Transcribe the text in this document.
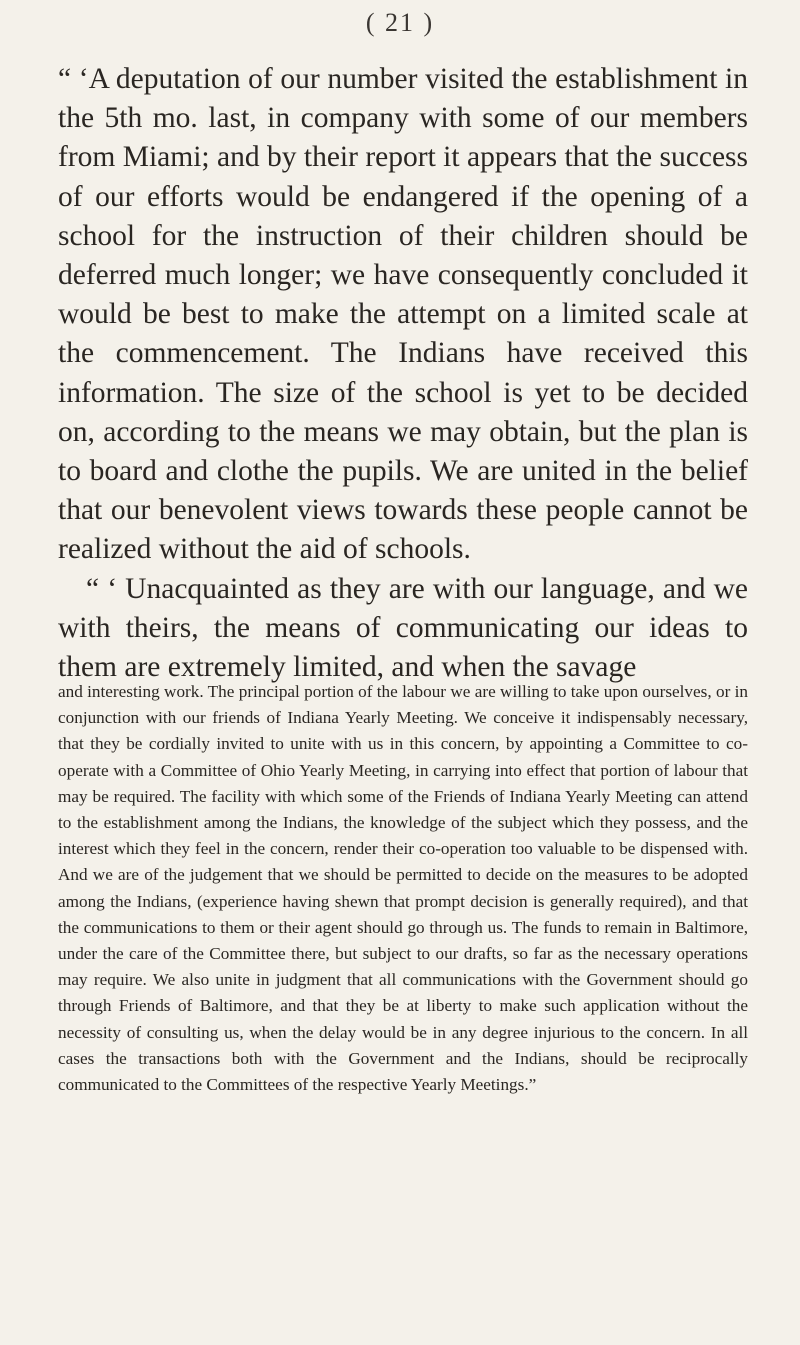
( 21 )

“ ‘A deputation of our number visited the establishment in the 5th mo. last, in company with some of our members from Miami; and by their report it appears that the success of our efforts would be endangered if the opening of a school for the instruction of their children should be deferred much longer; we have consequently concluded it would be best to make the attempt on a limited scale at the commencement. The Indians have received this information. The size of the school is yet to be decided on, according to the means we may obtain, but the plan is to board and clothe the pupils. We are united in the belief that our benevolent views towards these people cannot be realized without the aid of schools.

“ ‘ Unacquainted as they are with our language, and we with theirs, the means of communicating our ideas to them are extremely limited, and when the savage

and interesting work. The principal portion of the labour we are willing to take upon ourselves, or in conjunction with our friends of Indiana Yearly Meeting. We conceive it indispensably necessary, that they be cordially invited to unite with us in this concern, by appointing a Committee to co-operate with a Committee of Ohio Yearly Meeting, in carrying into effect that portion of labour that may be required. The facility with which some of the Friends of Indiana Yearly Meeting can attend to the establishment among the Indians, the knowledge of the subject which they possess, and the interest which they feel in the concern, render their co-operation too valuable to be dispensed with. And we are of the judgement that we should be permitted to decide on the measures to be adopted among the Indians, (experience having shewn that prompt decision is generally required), and that the communications to them or their agent should go through us. The funds to remain in Baltimore, under the care of the Committee there, but subject to our drafts, so far as the necessary operations may require. We also unite in judgment that all communications with the Government should go through Friends of Baltimore, and that they be at liberty to make such application without the necessity of consulting us, when the delay would be in any degree injurious to the concern. In all cases the transactions both with the Government and the Indians, should be reciprocally communicated to the Committees of the respective Yearly Meetings.”
